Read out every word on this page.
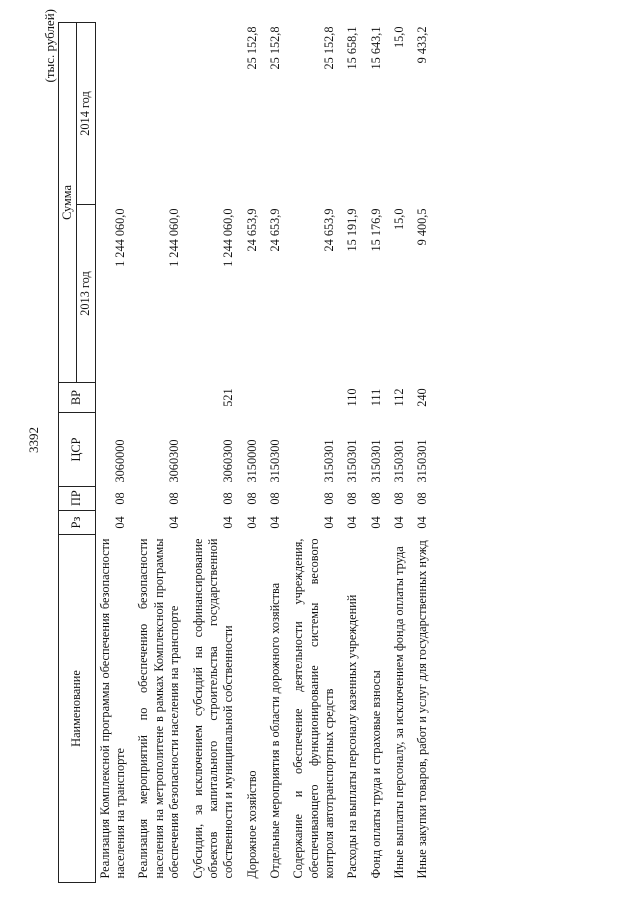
3392
(тыс. рублей)
Наименование	Рз	ПР	ЦСР	ВР	Сумма	
					2013 год	2014 год
Реализация Комплексной программы обеспечения безопасности населения на транспорте	04	08	3060000		1 244 060,0	
Реализация мероприятий по обеспечению безопасности населения на метрополитене в рамках Комплексной программы обеспечения безопасности населения на транспорте	04	08	3060300		1 244 060,0	
Субсидии, за исключением субсидий на софинансирование объектов капитального строительства государственной собственности и муниципальной собственности	04	08	3060300	521	1 244 060,0	
Дорожное хозяйство	04	08	3150000		24 653,9	25 152,8
Отдельные мероприятия в области дорожного хозяйства	04	08	3150300		24 653,9	25 152,8
Содержание и обеспечение деятельности учреждения, обеспечивающего функционирование системы весового контроля автотранспортных средств	04	08	3150301		24 653,9	25 152,8
Расходы на выплаты персоналу казенных учреждений	04	08	3150301	110	15 191,9	15 658,1
Фонд оплаты труда и страховые взносы	04	08	3150301	111	15 176,9	15 643,1
Иные выплаты персоналу, за исключением фонда оплаты труда	04	08	3150301	112	15,0	15,0
Иные закупки товаров, работ и услуг для государственных нужд	04	08	3150301	240	9 400,5	9 433,2
